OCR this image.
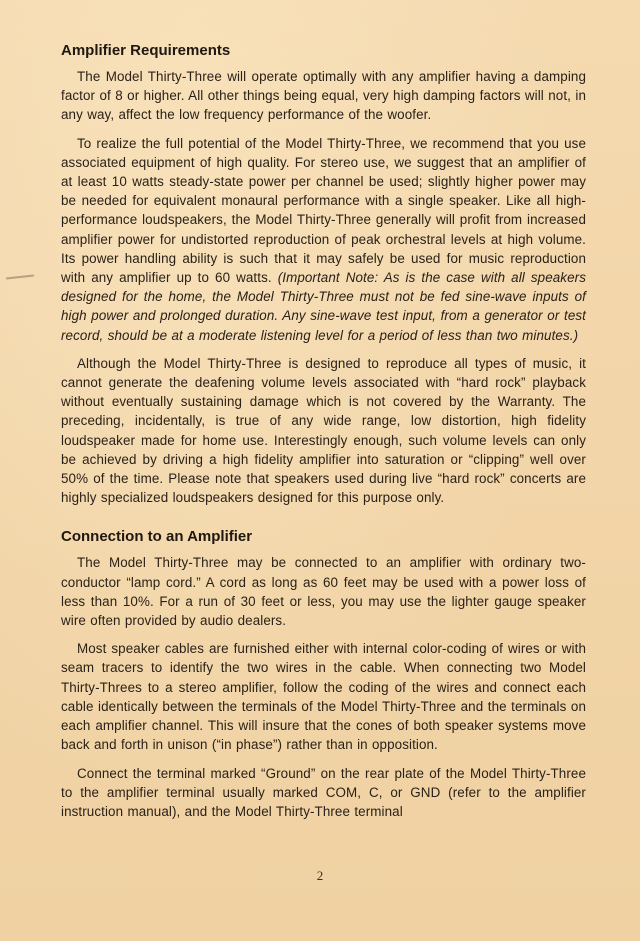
Amplifier Requirements

The Model Thirty-Three will operate optimally with any amplifier having a damping factor of 8 or higher. All other things being equal, very high damping factors will not, in any way, affect the low frequency performance of the woofer.

To realize the full potential of the Model Thirty-Three, we recommend that you use associated equipment of high quality. For stereo use, we suggest that an amplifier of at least 10 watts steady-state power per channel be used; slightly higher power may be needed for equivalent monaural performance with a single speaker. Like all high-performance loudspeakers, the Model Thirty-Three generally will profit from increased amplifier power for undistorted reproduction of peak orchestral levels at high volume. Its power handling ability is such that it may safely be used for music reproduction with any amplifier up to 60 watts. (Important Note: As is the case with all speakers designed for the home, the Model Thirty-Three must not be fed sine-wave inputs of high power and prolonged duration. Any sine-wave test input, from a generator or test record, should be at a moderate listening level for a period of less than two minutes.)

Although the Model Thirty-Three is designed to reproduce all types of music, it cannot generate the deafening volume levels associated with “hard rock” playback without eventually sustaining damage which is not covered by the Warranty. The preceding, incidentally, is true of any wide range, low distortion, high fidelity loudspeaker made for home use. Interestingly enough, such volume levels can only be achieved by driving a high fidelity amplifier into saturation or “clipping” well over 50% of the time. Please note that speakers used during live “hard rock” concerts are highly specialized loudspeakers designed for this purpose only.

Connection to an Amplifier

The Model Thirty-Three may be connected to an amplifier with ordinary two-conductor “lamp cord.” A cord as long as 60 feet may be used with a power loss of less than 10%. For a run of 30 feet or less, you may use the lighter gauge speaker wire often provided by audio dealers.

Most speaker cables are furnished either with internal color-coding of wires or with seam tracers to identify the two wires in the cable. When connecting two Model Thirty-Threes to a stereo amplifier, follow the coding of the wires and connect each cable identically between the terminals of the Model Thirty-Three and the terminals on each amplifier channel. This will insure that the cones of both speaker systems move back and forth in unison (“in phase”) rather than in opposition.

Connect the terminal marked “Ground” on the rear plate of the Model Thirty-Three to the amplifier terminal usually marked COM, C, or GND (refer to the amplifier instruction manual), and the Model Thirty-Three terminal

2
